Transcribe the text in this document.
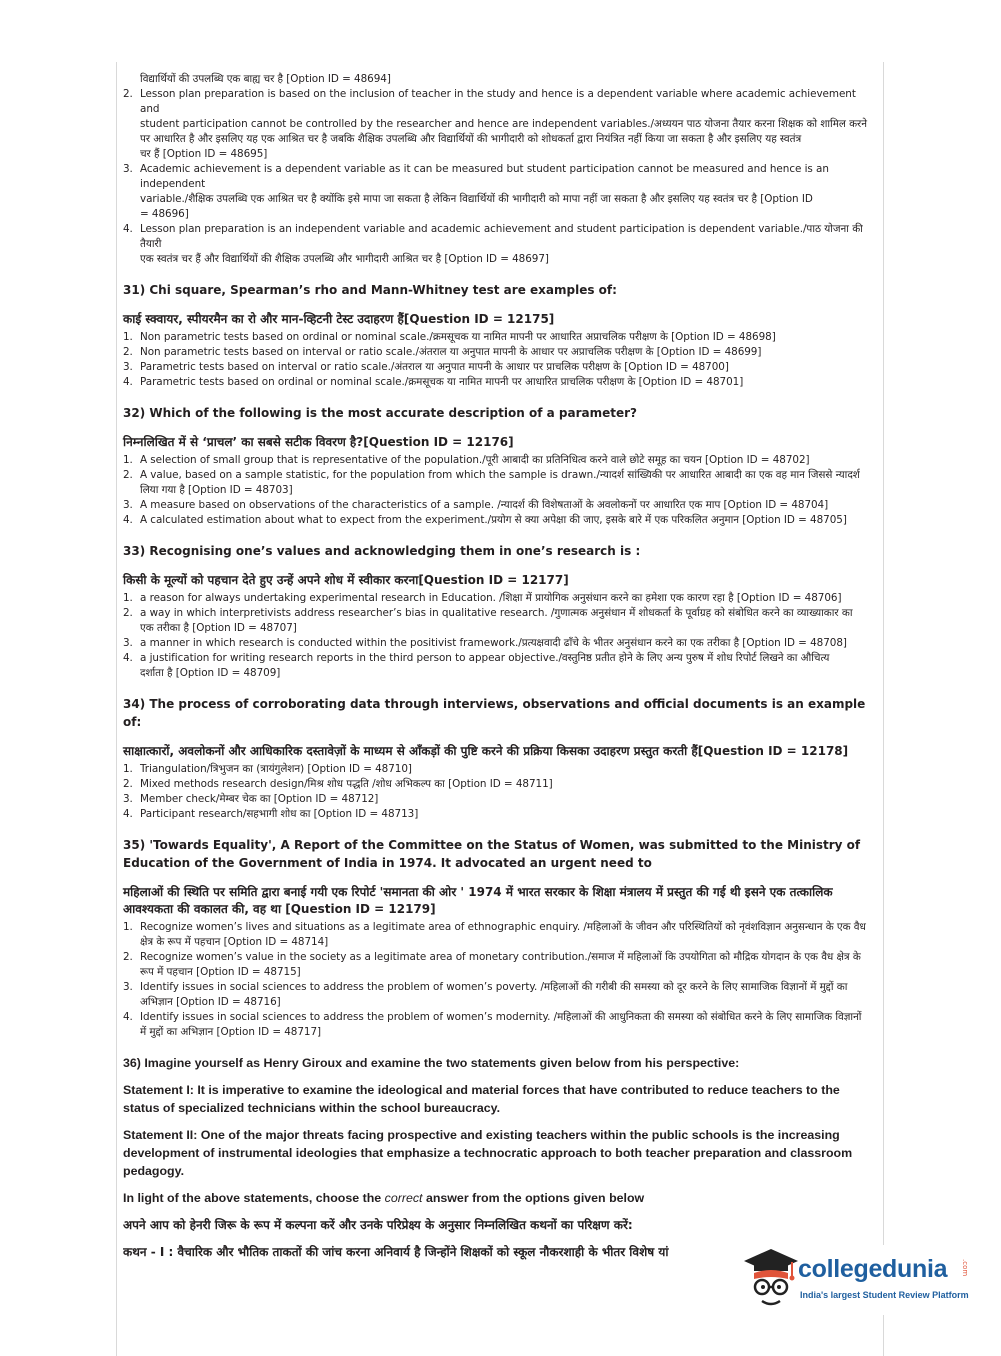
विद्यार्थियों की उपलब्धि एक बाह्य चर है [Option ID = 48694]
2. Lesson plan preparation is based on the inclusion of teacher in the study and hence is a dependent variable where academic achievement and
student participation cannot be controlled by the researcher and hence are independent variables./अध्ययन पाठ योजना तैयार करना शिक्षक को शामिल करने
पर आधारित है और इसलिए यह एक आश्रित चर है जबकि शैक्षिक उपलब्धि और विद्यार्थियों की भागीदारी को शोधकर्ता द्वारा नियंत्रित नहीं किया जा सकता है और इसलिए यह स्वतंत्र
चर हैं [Option ID = 48695]
3. Academic achievement is a dependent variable as it can be measured but student participation cannot be measured and hence is an independent
variable./शैक्षिक उपलब्धि एक आश्रित चर है क्योंकि इसे मापा जा सकता है लेकिन विद्यार्थियों की भागीदारी को मापा नहीं जा सकता है और इसलिए यह स्वतंत्र चर है [Option ID
= 48696]
4. Lesson plan preparation is an independent variable and academic achievement and student participation is dependent variable./पाठ योजना की तैयारी
एक स्वतंत्र चर हैं और विद्यार्थियों की शैक्षिक उपलब्धि और भागीदारी आश्रित चर है [Option ID = 48697]
31) Chi square, Spearman’s rho and Mann-Whitney test are examples of:
काई स्क्वायर, स्पीयरमैन का रो और मान-व्हिटनी टेस्ट उदाहरण हैं[Question ID = 12175]
1. Non parametric tests based on ordinal or nominal scale./क्रमसूचक या नामित मापनी पर आधारित अप्राचलिक परीक्षण के [Option ID = 48698]
2. Non parametric tests based on interval or ratio scale./अंतराल या अनुपात मापनी के आधार पर अप्राचलिक परीक्षण के [Option ID = 48699]
3. Parametric tests based on interval or ratio scale./अंतराल या अनुपात मापनी के आधार पर प्राचलिक परीक्षण के [Option ID = 48700]
4. Parametric tests based on ordinal or nominal scale./क्रमसूचक या नामित मापनी पर आधारित प्राचलिक परीक्षण के [Option ID = 48701]
32) Which of the following is the most accurate description of a parameter?
निम्नलिखित में से ‘प्राचल’ का सबसे सटीक विवरण है?[Question ID = 12176]
1. A selection of small group that is representative of the population./पूरी आबादी का प्रतिनिधित्व करने वाले छोटे समूह का चयन [Option ID = 48702]
2. A value, based on a sample statistic, for the population from which the sample is drawn./न्यादर्श सांख्यिकी पर आधारित आबादी का एक वह मान जिससे न्यादर्श
लिया गया है [Option ID = 48703]
3. A measure based on observations of the characteristics of a sample. /न्यादर्श की विशेषताओं के अवलोकनों पर आधारित एक माप [Option ID = 48704]
4. A calculated estimation about what to expect from the experiment./प्रयोग से क्या अपेक्षा की जाए, इसके बारे में एक परिकलित अनुमान [Option ID = 48705]
33) Recognising one’s values and acknowledging them in one’s research is :
किसी के मूल्यों को पहचान देते हुए उन्हें अपने शोध में स्वीकार करना[Question ID = 12177]
1. a reason for always undertaking experimental research in Education. /शिक्षा में प्रायोगिक अनुसंधान करने का हमेशा एक कारण रहा है [Option ID = 48706]
2. a way in which interpretivists address researcher’s bias in qualitative research. /गुणात्मक अनुसंधान में शोधकर्ता के पूर्वाग्रह को संबोधित करने का व्याख्याकार का
एक तरीका है [Option ID = 48707]
3. a manner in which research is conducted within the positivist framework./प्रत्यक्षवादी ढाँचे के भीतर अनुसंधान करने का एक तरीका है [Option ID = 48708]
4. a justification for writing research reports in the third person to appear objective./वस्तुनिष्ठ प्रतीत होने के लिए अन्य पुरुष में शोध रिपोर्ट लिखने का औचित्य
दर्शाता है [Option ID = 48709]
34) The process of corroborating data through interviews, observations and official documents is an example of:
साक्षात्कारों, अवलोकनों और आधिकारिक दस्तावेज़ों के माध्यम से आँकड़ों की पुष्टि करने की प्रक्रिया किसका उदाहरण प्रस्तुत करती हैं[Question ID = 12178]
1. Triangulation/त्रिभुजन का (त्रायंगुलेशन) [Option ID = 48710]
2. Mixed methods research design/मिश्र शोध पद्धति /शोध अभिकल्प का [Option ID = 48711]
3. Member check/मेम्बर चेक का [Option ID = 48712]
4. Participant research/सहभागी शोध का [Option ID = 48713]
35) 'Towards Equality', A Report of the Committee on the Status of Women, was submitted to the Ministry of Education of the Government of India in 1974. It advocated an urgent need to
महिलाओं की स्थिति पर समिति द्वारा बनाई गयी एक रिपोर्ट 'समानता की ओर ' 1974 में भारत सरकार के शिक्षा मंत्रालय में प्रस्तुत की गई थी इसने एक तत्कालिक आवश्यकता की वकालत की, वह था [Question ID = 12179]
1. Recognize women’s lives and situations as a legitimate area of ethnographic enquiry. /महिलाओं के जीवन और परिस्थितियों को नृवंशविज्ञान अनुसन्धान के एक वैध
क्षेत्र के रूप में पहचान [Option ID = 48714]
2. Recognize women’s value in the society as a legitimate area of monetary contribution./समाज में महिलाओं कि उपयोगिता को मौद्रिक योगदान के एक वैध क्षेत्र के
रूप में पहचान [Option ID = 48715]
3. Identify issues in social sciences to address the problem of women’s poverty. /महिलाओं की गरीबी की समस्या को दूर करने के लिए सामाजिक विज्ञानों में मुद्दों का
अभिज्ञान [Option ID = 48716]
4. Identify issues in social sciences to address the problem of women’s modernity. /महिलाओं की आधुनिकता की समस्या को संबोधित करने के लिए सामाजिक विज्ञानों
में मुद्दों का अभिज्ञान [Option ID = 48717]

36) Imagine yourself as Henry Giroux and examine the two statements given below from his perspective:

Statement I: It is imperative to examine the ideological and material forces that have contributed to reduce teachers to the status of specialized technicians within the school bureaucracy.

Statement II: One of the major threats facing prospective and existing teachers within the public schools is the increasing development of instrumental ideologies that emphasize a technocratic approach to both teacher preparation and classroom pedagogy.

In light of the above statements, choose the correct answer from the options given below

अपने आप को हेनरी जिरू के रूप में कल्पना करें और उनके परिप्रेक्ष्य के अनुसार निम्नलिखित कथनों का परिक्षण करें:

कथन - I : वैचारिक और भौतिक ताकतों की जांच करना अनिवार्य है जिन्होंने शिक्षकों को स्कूल नौकरशाही के भीतर विशेष यां

collegedunia .com
India's largest Student Review Platform
